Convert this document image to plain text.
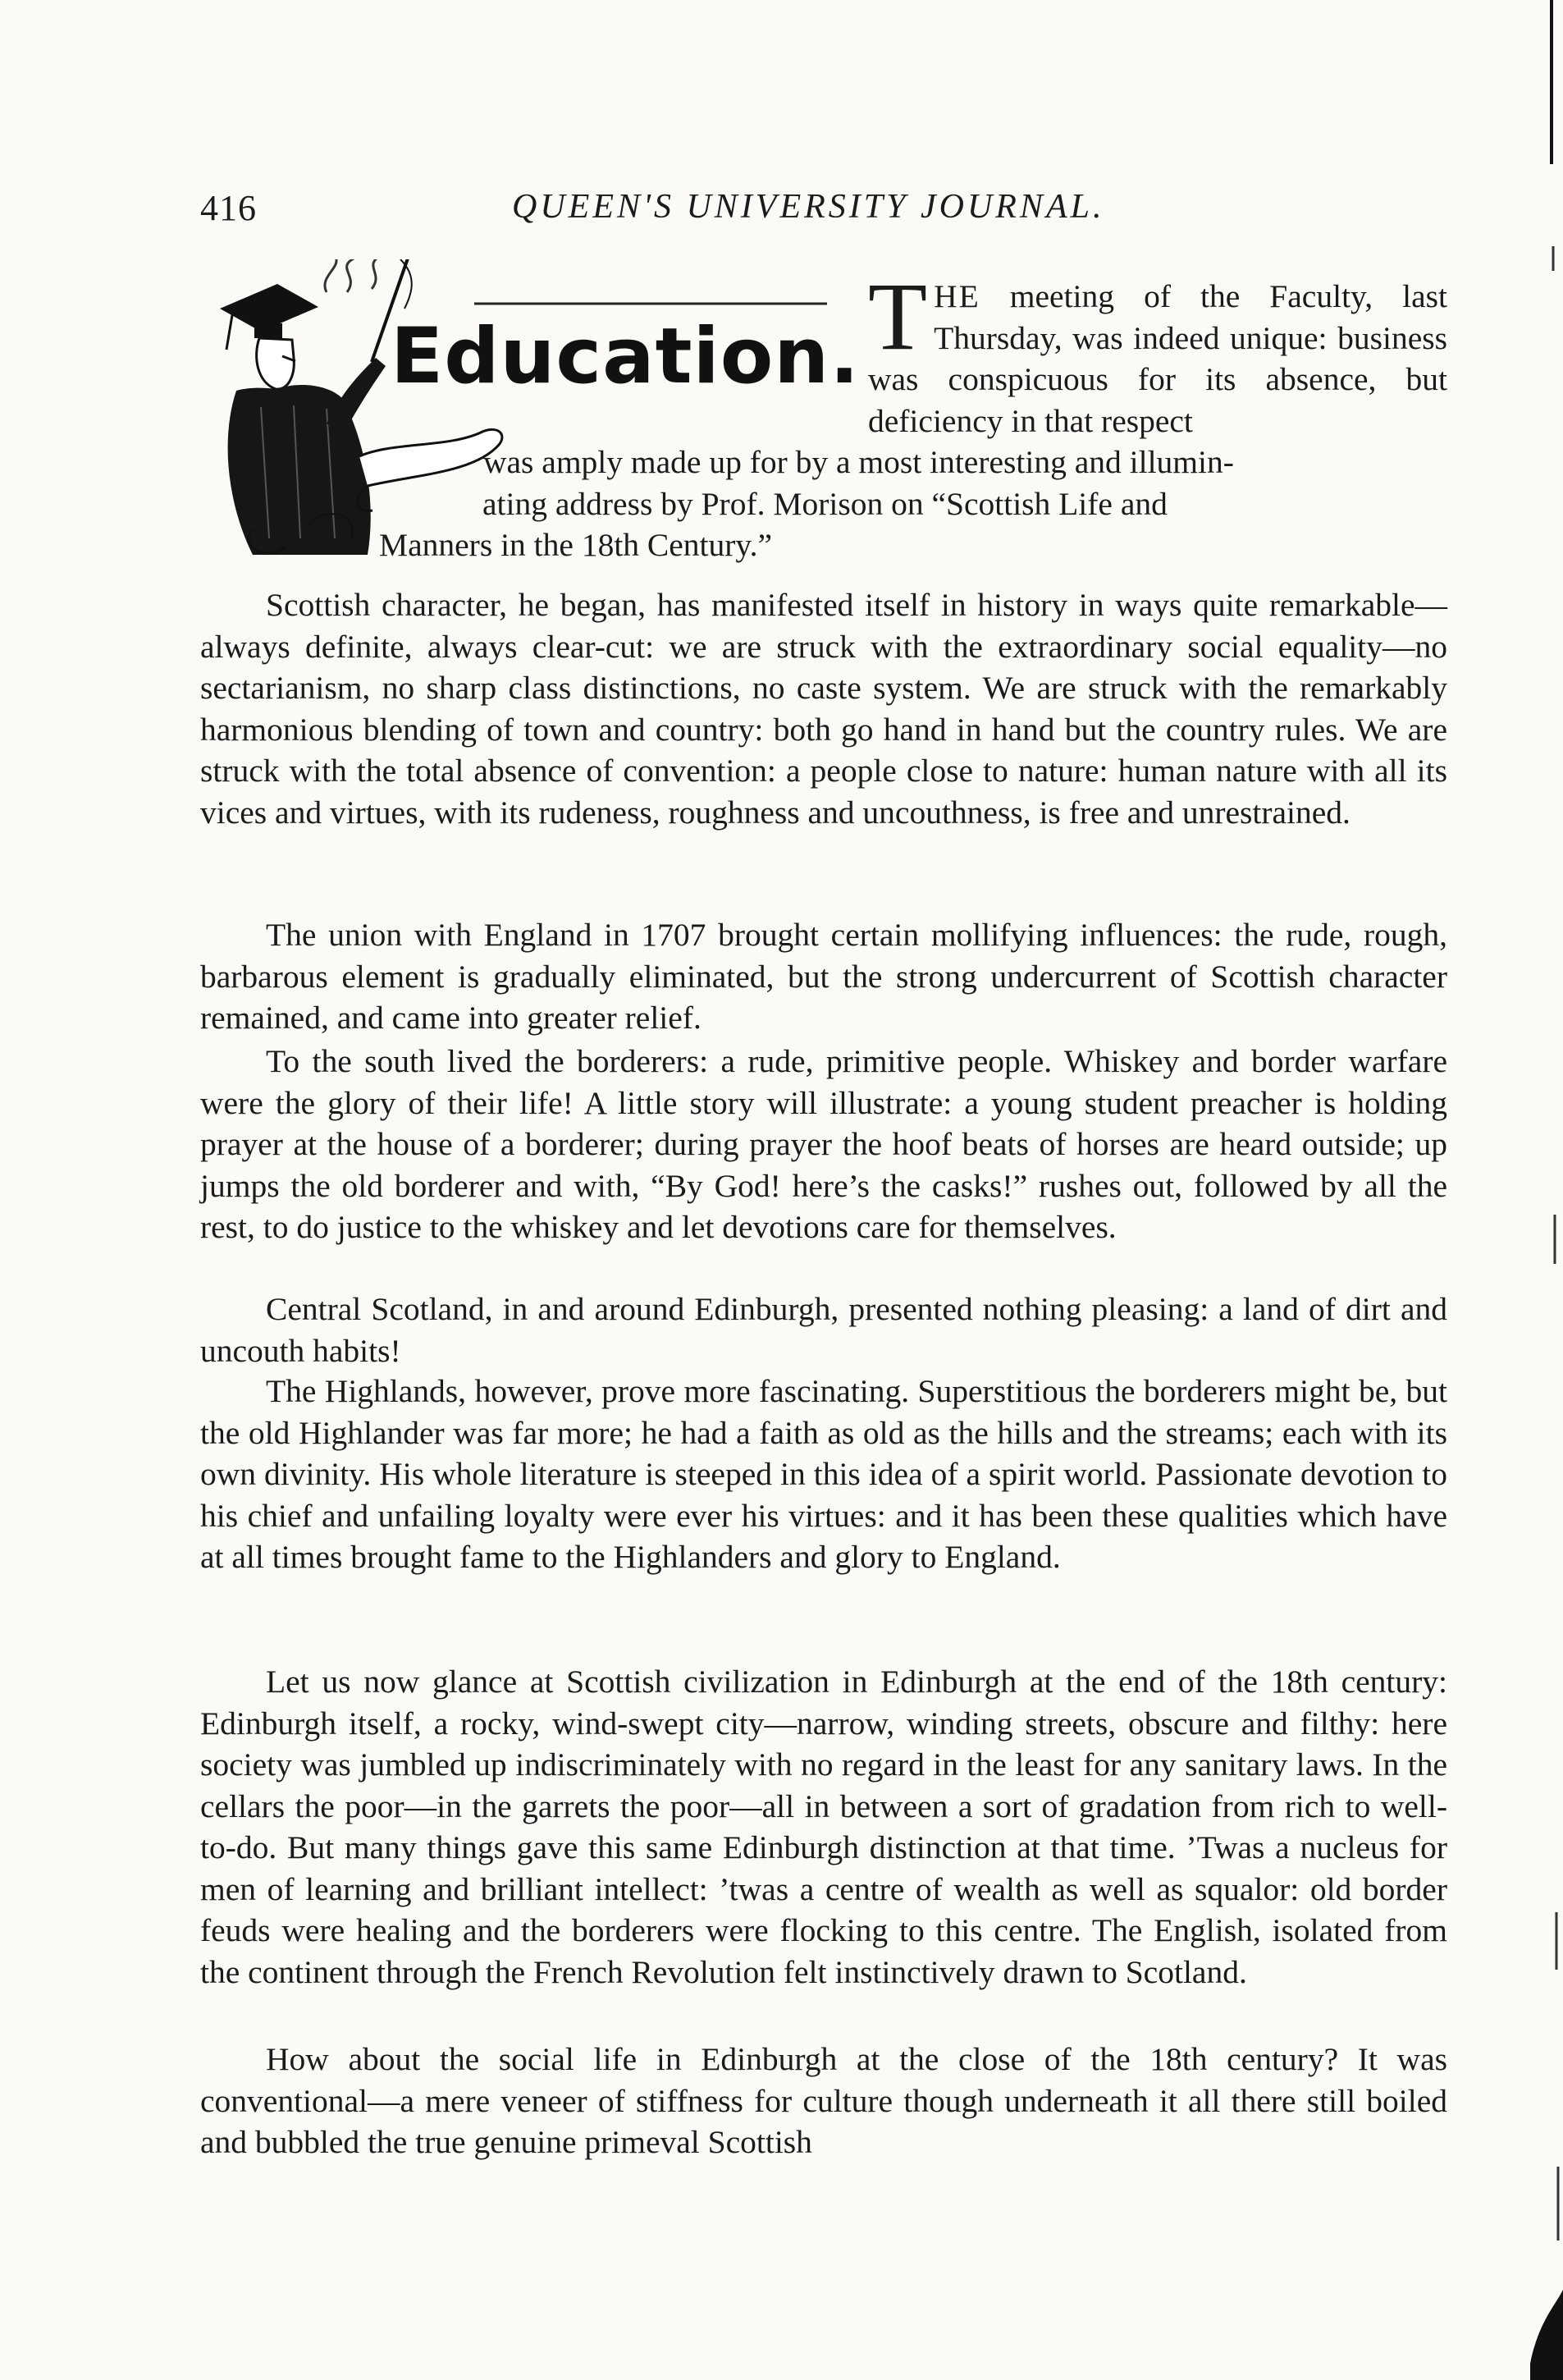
416	QUEEN'S UNIVERSITY JOURNAL.
Education. THE meeting of the Faculty, last Thursday, was indeed unique: business was conspicuous for its absence, but deficiency in that respect

was amply made up for by a most interesting and illumin-
ating address by Prof. Morison on “Scottish Life and
Manners in the 18th Century.”

Scottish character, he began, has manifested itself in history in ways quite remarkable—always definite, always clear-cut: we are struck with the extraordinary social equality—no sectarianism, no sharp class distinctions, no caste system. We are struck with the remarkably harmonious blending of town and country: both go hand in hand but the country rules. We are struck with the total absence of convention: a people close to nature: human nature with all its vices and virtues, with its rudeness, roughness and uncouthness, is free and unrestrained.

The union with England in 1707 brought certain mollifying influences: the rude, rough, barbarous element is gradually eliminated, but the strong undercurrent of Scottish character remained, and came into greater relief.

To the south lived the borderers: a rude, primitive people. Whiskey and border warfare were the glory of their life! A little story will illustrate: a young student preacher is holding prayer at the house of a borderer; during prayer the hoof beats of horses are heard outside; up jumps the old borderer and with, “By God! here’s the casks!” rushes out, followed by all the rest, to do justice to the whiskey and let devotions care for themselves.

Central Scotland, in and around Edinburgh, presented nothing pleasing: a land of dirt and uncouth habits!

The Highlands, however, prove more fascinating. Superstitious the borderers might be, but the old Highlander was far more; he had a faith as old as the hills and the streams; each with its own divinity. His whole literature is steeped in this idea of a spirit world. Passionate devotion to his chief and unfailing loyalty were ever his virtues: and it has been these qualities which have at all times brought fame to the Highlanders and glory to England.

Let us now glance at Scottish civilization in Edinburgh at the end of the 18th century: Edinburgh itself, a rocky, wind-swept city—narrow, winding streets, obscure and filthy: here society was jumbled up indiscriminately with no regard in the least for any sanitary laws. In the cellars the poor—in the garrets the poor—all in between a sort of gradation from rich to well-to-do. But many things gave this same Edinburgh distinction at that time. ’Twas a nucleus for men of learning and brilliant intellect: ’twas a centre of wealth as well as squalor: old border feuds were healing and the borderers were flocking to this centre. The English, isolated from the continent through the French Revolution felt instinctively drawn to Scotland.

How about the social life in Edinburgh at the close of the 18th century? It was conventional—a mere veneer of stiffness for culture though underneath it all there still boiled and bubbled the true genuine primeval Scottish
